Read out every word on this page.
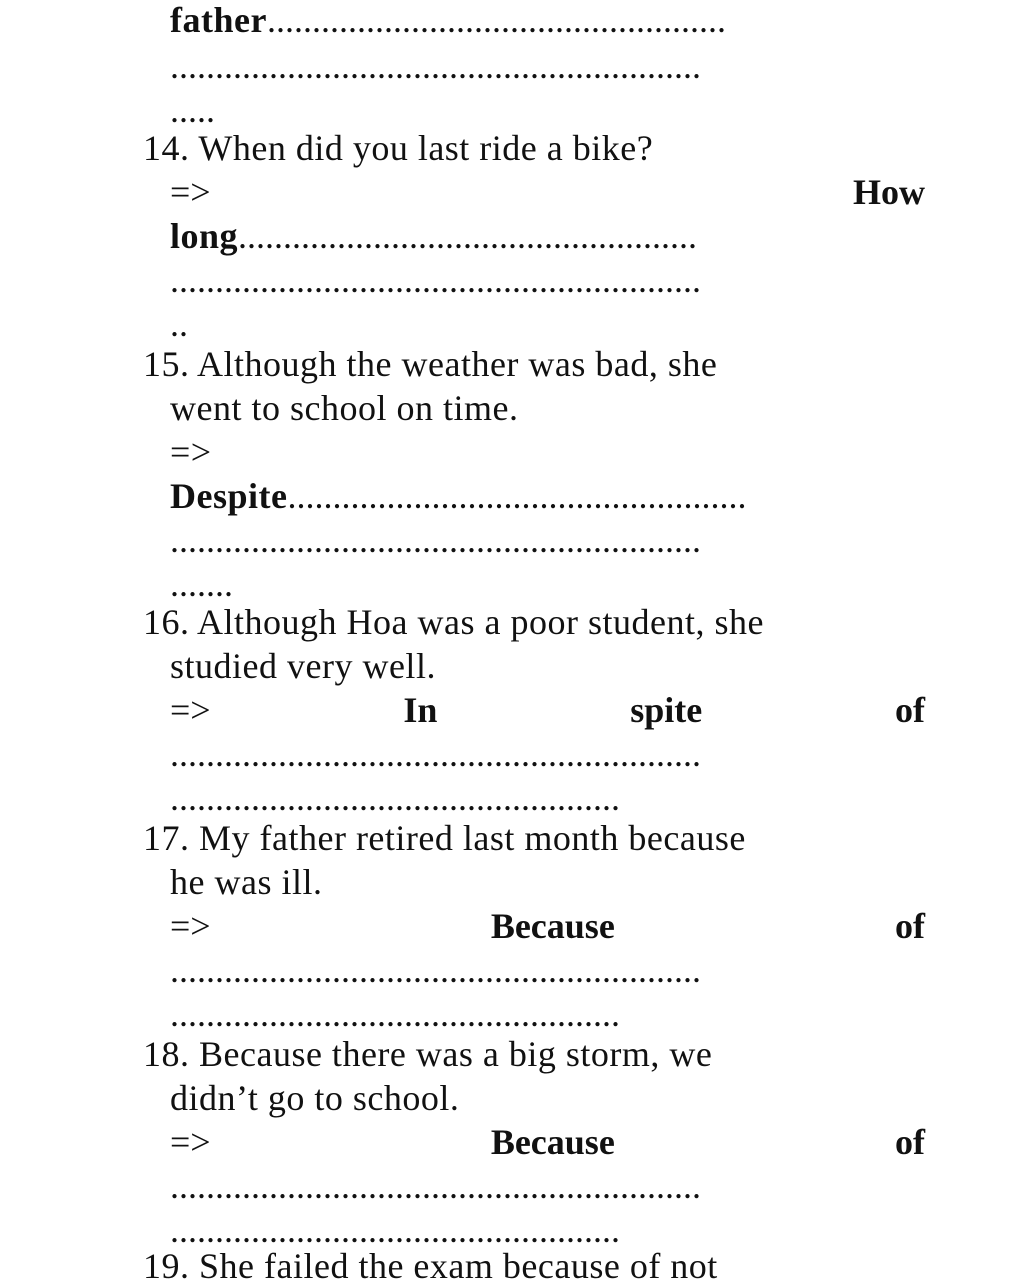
father...................................................
...........................................................
.....
14. When did you last ride a bike?
=>	How
long...................................................
...........................................................
..
15. Although the weather was bad, she
went to school on time.
=>
Despite...................................................
...........................................................
.......
16. Although Hoa was a poor student, she
studied very well.
=>	In	spite	of
...........................................................
..................................................
17. My father retired last month because
he was ill.
=>	Because	of
...........................................................
..................................................
18. Because there was a big storm, we
didn’t go to school.
=>	Because	of
...........................................................
..................................................
19. She failed the exam because of not
